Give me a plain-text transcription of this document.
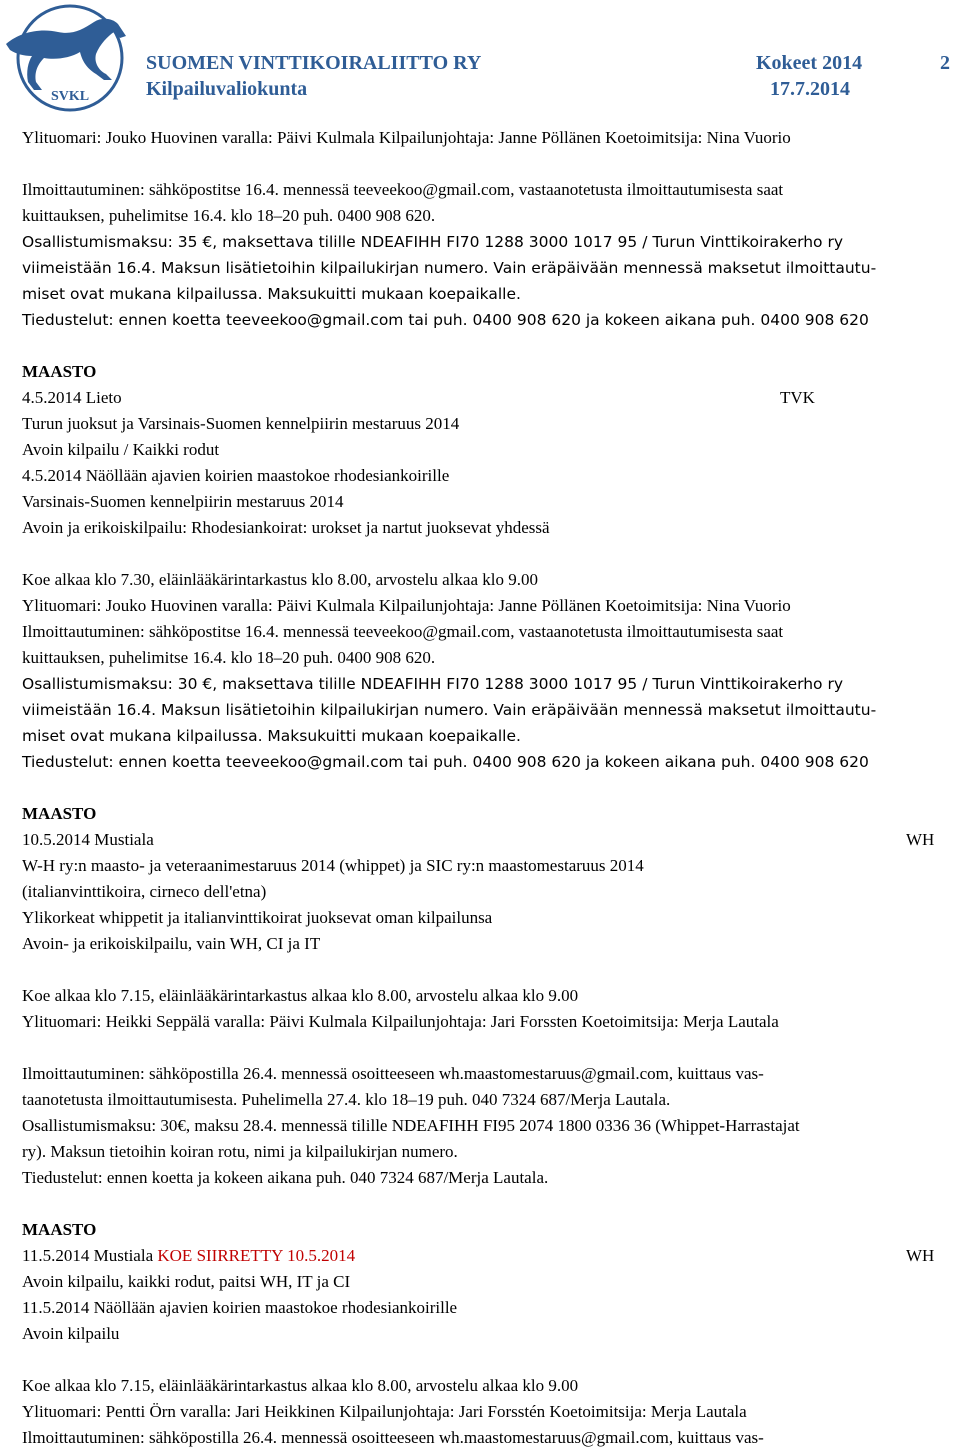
SVKL
SUOMEN VINTTIKOIRALIITTO RY
Kilpailuvaliokunta
Kokeet 2014
17.7.2014
2
Ylituomari: Jouko Huovinen varalla: Päivi Kulmala Kilpailunjohtaja: Janne Pöllänen Koetoimitsija: Nina Vuorio
Ilmoittautuminen: sähköpostitse 16.4. mennessä teeveekoo@gmail.com, vastaanotetusta ilmoittautumisesta saat
kuittauksen, puhelimitse 16.4. klo 18–20 puh. 0400 908 620.
Osallistumismaksu: 35 €, maksettava tilille NDEAFIHH FI70 1288 3000 1017 95 / Turun Vinttikoirakerho ry
viimeistään 16.4. Maksun lisätietoihin kilpailukirjan numero. Vain eräpäivään mennessä maksetut ilmoittautu-
miset ovat mukana kilpailussa. Maksukuitti mukaan koepaikalle.
Tiedustelut: ennen koetta teeveekoo@gmail.com tai puh. 0400 908 620 ja kokeen aikana puh. 0400 908 620
MAASTO
4.5.2014 Lieto	TVK
Turun juoksut ja Varsinais-Suomen kennelpiirin mestaruus 2014
Avoin kilpailu / Kaikki rodut
4.5.2014 Näöllään ajavien koirien maastokoe rhodesiankoirille
Varsinais-Suomen kennelpiirin mestaruus 2014
Avoin ja erikoiskilpailu: Rhodesiankoirat: urokset ja nartut juoksevat yhdessä
Koe alkaa klo 7.30, eläinlääkärintarkastus klo 8.00, arvostelu alkaa klo 9.00
Ylituomari: Jouko Huovinen varalla: Päivi Kulmala Kilpailunjohtaja: Janne Pöllänen Koetoimitsija: Nina Vuorio
Ilmoittautuminen: sähköpostitse 16.4. mennessä teeveekoo@gmail.com, vastaanotetusta ilmoittautumisesta saat
kuittauksen, puhelimitse 16.4. klo 18–20 puh. 0400 908 620.
Osallistumismaksu: 30 €, maksettava tilille NDEAFIHH FI70 1288 3000 1017 95 / Turun Vinttikoirakerho ry
viimeistään 16.4. Maksun lisätietoihin kilpailukirjan numero. Vain eräpäivään mennessä maksetut ilmoittautu-
miset ovat mukana kilpailussa. Maksukuitti mukaan koepaikalle.
Tiedustelut: ennen koetta teeveekoo@gmail.com tai puh. 0400 908 620 ja kokeen aikana puh. 0400 908 620
MAASTO
10.5.2014 Mustiala	WH
W-H ry:n maasto- ja veteraanimestaruus 2014 (whippet) ja SIC ry:n maastomestaruus 2014
(italianvinttikoira, cirneco dell'etna)
Ylikorkeat whippetit ja italianvinttikoirat juoksevat oman kilpailunsa
Avoin- ja erikoiskilpailu, vain WH, CI ja IT
Koe alkaa klo 7.15, eläinlääkärintarkastus alkaa klo 8.00, arvostelu alkaa klo 9.00
Ylituomari: Heikki Seppälä varalla: Päivi Kulmala Kilpailunjohtaja: Jari Forssten Koetoimitsija: Merja Lautala
Ilmoittautuminen: sähköpostilla 26.4. mennessä osoitteeseen wh.maastomestaruus@gmail.com, kuittaus vas-
taanotetusta ilmoittautumisesta. Puhelimella 27.4. klo 18–19 puh. 040 7324 687/Merja Lautala.
Osallistumismaksu: 30€, maksu 28.4. mennessä tilille NDEAFIHH FI95 2074 1800 0336 36 (Whippet-Harrastajat
ry). Maksun tietoihin koiran rotu, nimi ja kilpailukirjan numero.
Tiedustelut: ennen koetta ja kokeen aikana puh. 040 7324 687/Merja Lautala.
MAASTO
11.5.2014 Mustiala KOE SIIRRETTY 10.5.2014	WH
Avoin kilpailu, kaikki rodut, paitsi WH, IT ja CI
11.5.2014 Näöllään ajavien koirien maastokoe rhodesiankoirille
Avoin kilpailu
Koe alkaa klo 7.15, eläinlääkärintarkastus alkaa klo 8.00, arvostelu alkaa klo 9.00
Ylituomari: Pentti Örn varalla: Jari Heikkinen Kilpailunjohtaja: Jari Forsstén Koetoimitsija: Merja Lautala
Ilmoittautuminen: sähköpostilla 26.4. mennessä osoitteeseen wh.maastomestaruus@gmail.com, kuittaus vas-
